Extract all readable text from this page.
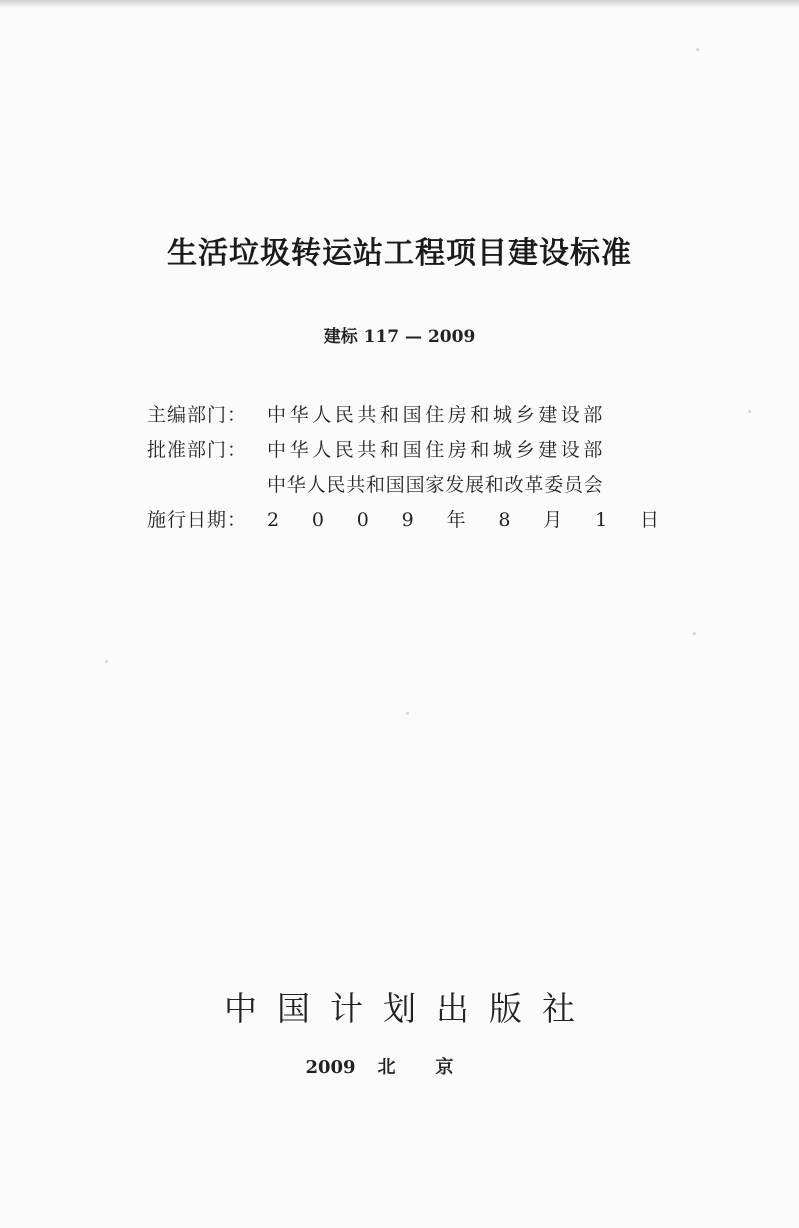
生活垃圾转运站工程项目建设标准
建标 117 — 2009
主编部门：	中华人民共和国住房和城乡建设部
批准部门：	中华人民共和国住房和城乡建设部
中华人民共和国国家发展和改革委员会
施行日期：	2 0 0 9 年 8 月 1 日
中国计划出版社
2009 北京
